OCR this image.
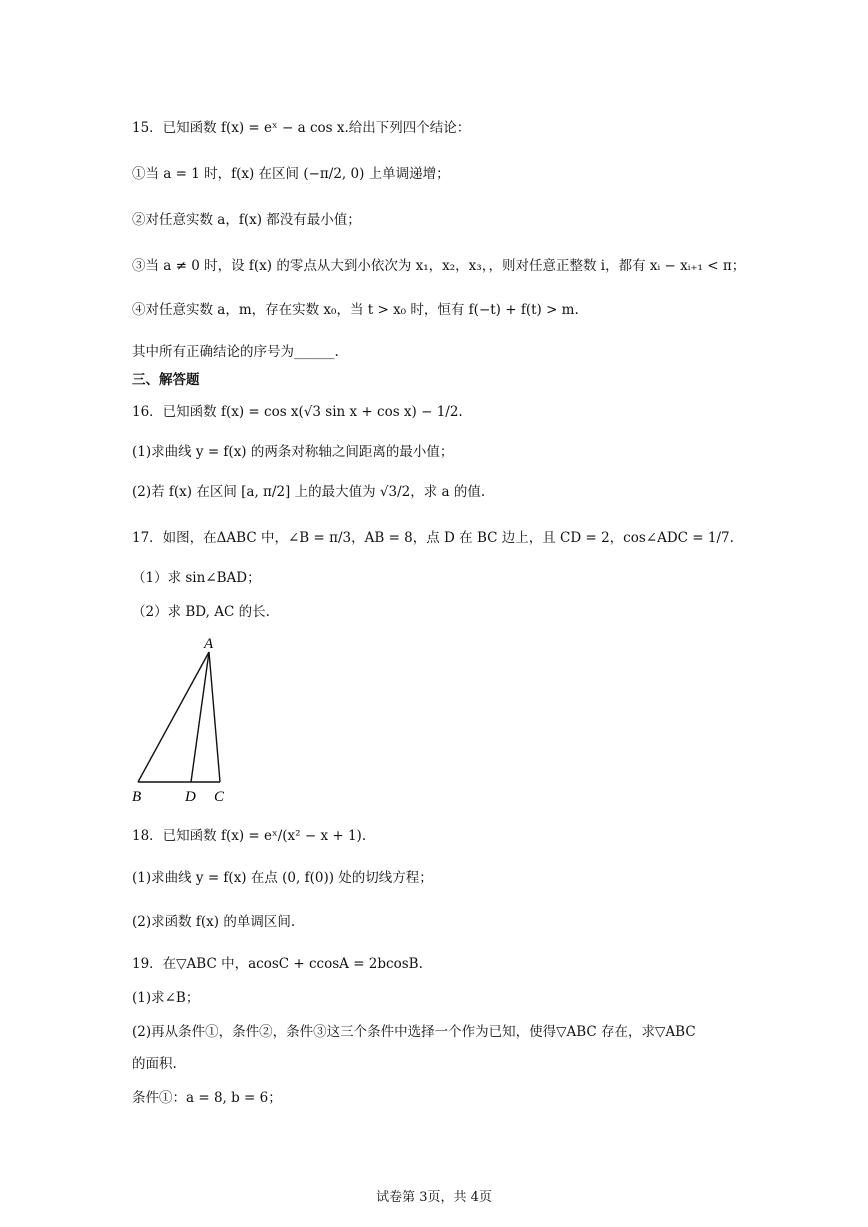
15．已知函数 f(x) = eˣ − a cos x.给出下列四个结论：
①当 a = 1 时，f(x) 在区间 (−π/2, 0) 上单调递增；
②对任意实数 a，f(x) 都没有最小值；
③当 a ≠ 0 时，设 f(x) 的零点从大到小依次为 x₁，x₂，x₃，，则对任意正整数 i，都有 xᵢ − xᵢ₊₁ < π；
④对任意实数 a，m，存在实数 x₀，当 t > x₀ 时，恒有 f(−t) + f(t) > m.
其中所有正确结论的序号为______.
三、解答题
16．已知函数 f(x) = cos x(√3 sin x + cos x) − 1/2.
(1)求曲线 y = f(x) 的两条对称轴之间距离的最小值；
(2)若 f(x) 在区间 [a, π/2] 上的最大值为 √3/2，求 a 的值.
17．如图，在ΔABC 中，∠B = π/3，AB = 8，点 D 在 BC 边上，且 CD = 2，cos∠ADC = 1/7.
（1）求 sin∠BAD；
（2）求 BD, AC 的长.
A
B	D C
18．已知函数 f(x) = eˣ/(x² − x + 1).
(1)求曲线 y = f(x) 在点 (0, f(0)) 处的切线方程；
(2)求函数 f(x) 的单调区间.
19．在▽ABC 中，acosC + ccosA = 2bcosB.
(1)求∠B；
(2)再从条件①，条件②，条件③这三个条件中选择一个作为已知，使得▽ABC 存在，求▽ABC
的面积.
条件①：a = 8, b = 6；
试卷第 3页，共 4页
